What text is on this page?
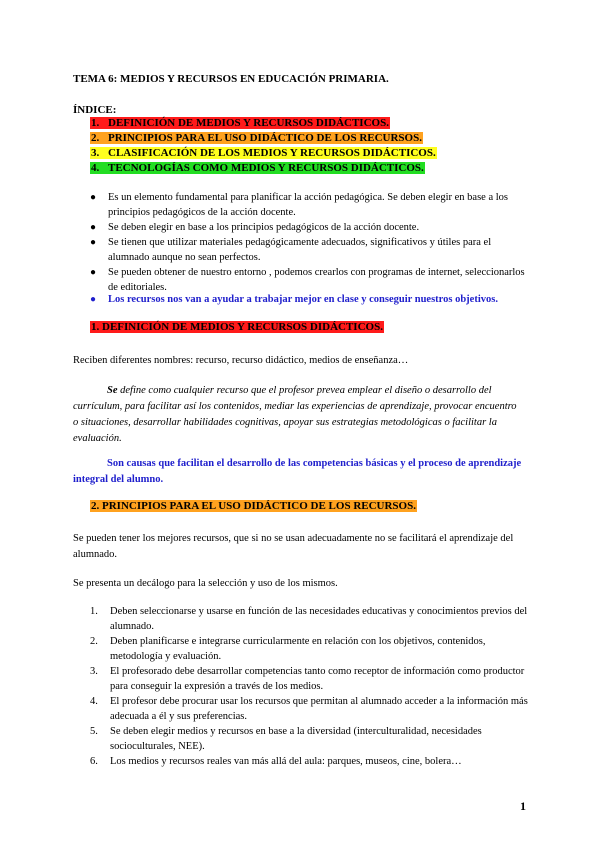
TEMA 6: MEDIOS Y RECURSOS EN EDUCACIÓN PRIMARIA.
ÍNDICE:
1. DEFINICIÓN DE MEDIOS Y RECURSOS DIDÁCTICOS.
2. PRINCIPIOS PARA EL USO DIDÁCTICO DE LOS RECURSOS.
3. CLASIFICACIÓN DE LOS MEDIOS Y RECURSOS DIDÁCTICOS.
4. TECNOLOGÍAS COMO MEDIOS Y RECURSOS DIDÁCTICOS.
● Es un elemento fundamental para planificar la acción pedagógica. Se deben elegir en base a los principios pedagógicos de la acción docente.
● Se deben elegir en base a los principios pedagógicos de la acción docente.
● Se tienen que utilizar materiales pedagógicamente adecuados, significativos y útiles para el alumnado aunque no sean perfectos.
● Se pueden obtener de nuestro entorno , podemos crearlos con programas de internet, seleccionarlos de editoriales.
● Los recursos nos van a ayudar a trabajar mejor en clase y conseguir nuestros objetivos.
1. DEFINICIÓN DE MEDIOS Y RECURSOS DIDÁCTICOS.
Reciben diferentes nombres: recurso, recurso didáctico, medios de enseñanza…
Se define como cualquier recurso que el profesor prevea emplear el diseño o desarrollo del currículum, para facilitar así los contenidos, mediar las experiencias de aprendizaje, provocar encuentro o situaciones, desarrollar habilidades cognitivas, apoyar sus estrategias metodológicas o facilitar la evaluación.
Son causas que facilitan el desarrollo de las competencias básicas y el proceso de aprendizaje integral del alumno.
2. PRINCIPIOS PARA EL USO DIDÁCTICO DE LOS RECURSOS.
Se pueden tener los mejores recursos, que si no se usan adecuadamente no se facilitará el aprendizaje del alumnado.
Se presenta un decálogo para la selección y uso de los mismos.
1. Deben seleccionarse y usarse en función de las necesidades educativas y conocimientos previos del alumnado.
2. Deben planificarse e integrarse curricularmente en relación con los objetivos, contenidos, metodología y evaluación.
3. El profesorado debe desarrollar competencias tanto como receptor de información como productor para conseguir la expresión a través de los medios.
4. El profesor debe procurar usar los recursos que permitan al alumnado acceder a la información más adecuada a él y sus preferencias.
5. Se deben elegir medios y recursos en base a la diversidad (interculturalidad, necesidades socioculturales, NEE).
6. Los medios y recursos reales van más allá del aula: parques, museos, cine, bolera…
1
